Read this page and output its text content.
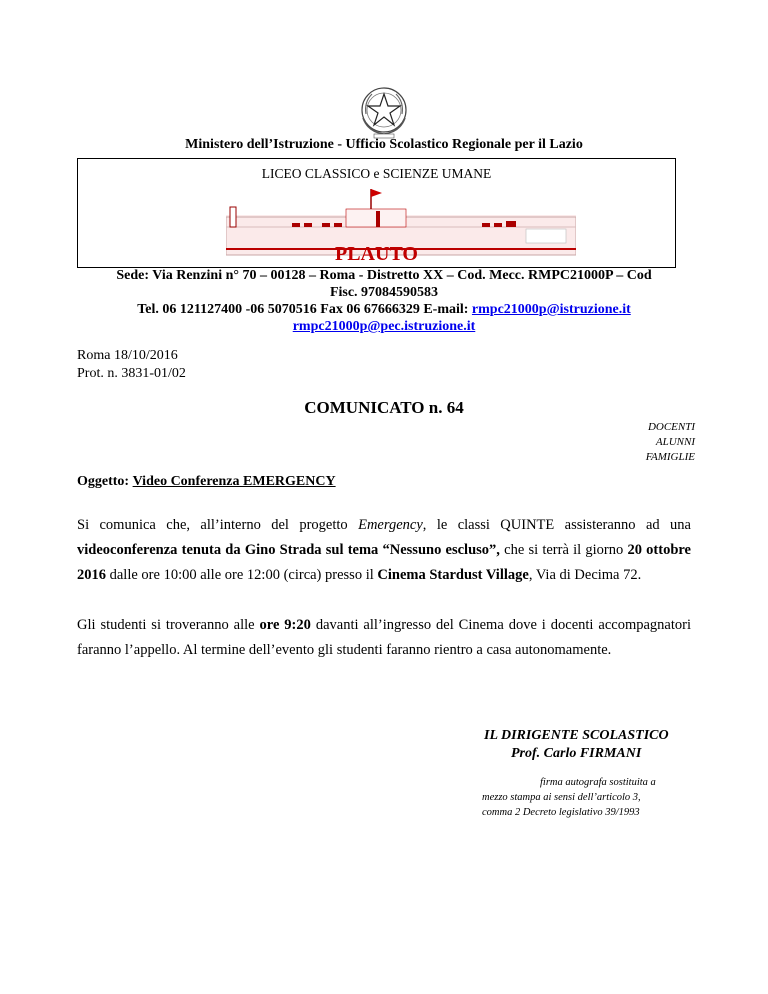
Ministero dell’Istruzione - Ufficio Scolastico Regionale per il Lazio
LICEO CLASSICO e SCIENZE UMANE
PLAUTO
Sede: Via Renzini n° 70 – 00128 – Roma - Distretto XX – Cod. Mecc. RMPC21000P – Cod
Fisc. 97084590583
Tel. 06 121127400 -06 5070516 Fax 06 67666329 E-mail: rmpc21000p@istruzione.it
rmpc21000p@pec.istruzione.it
Roma 18/10/2016
Prot. n. 3831-01/02
COMUNICATO n. 64
DOCENTI
ALUNNI
FAMIGLIE
Oggetto: Video Conferenza EMERGENCY
Si comunica che, all’interno del progetto Emergency, le classi QUINTE assisteranno ad una videoconferenza tenuta da Gino Strada sul tema “Nessuno escluso”, che si terrà il giorno 20 ottobre 2016 dalle ore 10:00 alle ore 12:00 (circa) presso il Cinema Stardust Village, Via di Decima 72.
Gli studenti si troveranno alle ore 9:20 davanti all’ingresso del Cinema dove i docenti accompagnatori faranno l’appello. Al termine dell’evento gli studenti faranno rientro a casa autonomamente.
IL DIRIGENTE SCOLASTICO
Prof. Carlo FIRMANI
firma autografa sostituita a
mezzo stampa ai sensi dell’articolo 3,
comma 2 Decreto legislativo 39/1993
